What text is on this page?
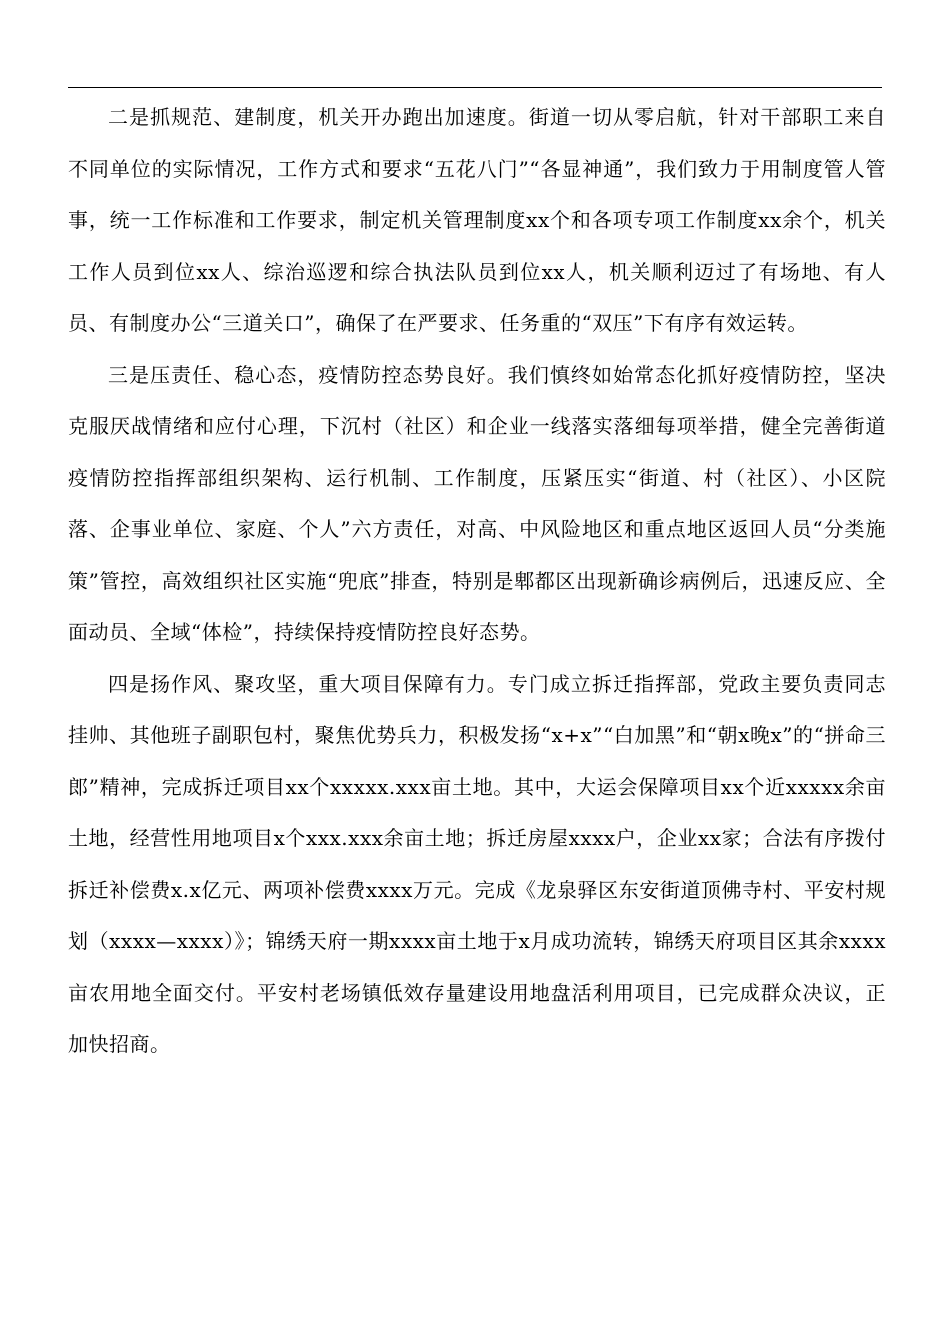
二是抓规范、建制度，机关开办跑出加速度。街道一切从零启航，针对干部职工来自不同单位的实际情况，工作方式和要求“五花八门”“各显神通”，我们致力于用制度管人管事，统一工作标准和工作要求，制定机关管理制度xx个和各项专项工作制度xx余个，机关工作人员到位xx人、综治巡逻和综合执法队员到位xx人，机关顺利迈过了有场地、有人员、有制度办公“三道关口”，确保了在严要求、任务重的“双压”下有序有效运转。

三是压责任、稳心态，疫情防控态势良好。我们慎终如始常态化抓好疫情防控，坚决克服厌战情绪和应付心理，下沉村（社区）和企业一线落实落细每项举措，健全完善街道疫情防控指挥部组织架构、运行机制、工作制度，压紧压实“街道、村（社区）、小区院落、企事业单位、家庭、个人”六方责任，对高、中风险地区和重点地区返回人员“分类施策”管控，高效组织社区实施“兜底”排查，特别是郫都区出现新确诊病例后，迅速反应、全面动员、全域“体检”，持续保持疫情防控良好态势。

四是扬作风、聚攻坚，重大项目保障有力。专门成立拆迁指挥部，党政主要负责同志挂帅、其他班子副职包村，聚焦优势兵力，积极发扬“x+x”“白加黑”和“朝x晚x”的“拼命三郎”精神，完成拆迁项目xx个xxxxx.xxx亩土地。其中，大运会保障项目xx个近xxxxx余亩土地，经营性用地项目x个xxx.xxx余亩土地；拆迁房屋xxxx户，企业xx家；合法有序拨付拆迁补偿费x.x亿元、两项补偿费xxxx万元。完成《龙泉驿区东安街道顶佛寺村、平安村规划（xxxx—xxxx）》；锦绣天府一期xxxx亩土地于x月成功流转，锦绣天府项目区其余xxxx亩农用地全面交付。平安村老场镇低效存量建设用地盘活利用项目，已完成群众决议，正加快招商。
